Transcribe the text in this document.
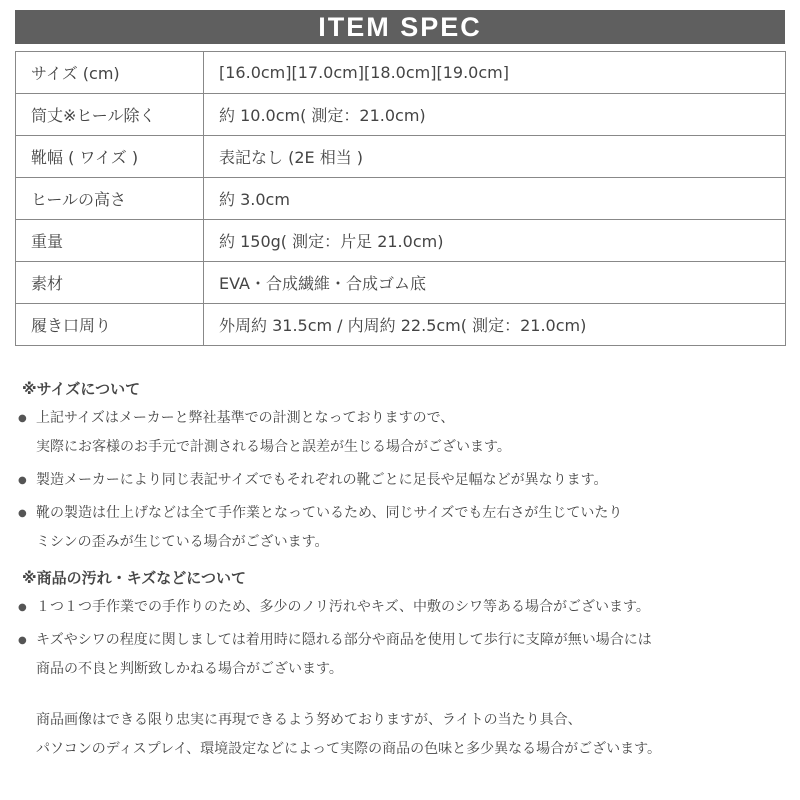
ITEM SPEC
サイズ (cm)	[16.0cm][17.0cm][18.0cm][19.0cm]
筒丈※ヒール除く	約 10.0cm( 測定：21.0cm)
靴幅 ( ワイズ )	表記なし (2E 相当 )
ヒールの高さ	約 3.0cm
重量	約 150g( 測定：片足 21.0cm)
素材	EVA・合成繊維・合成ゴム底
履き口周り	外周約 31.5cm / 内周約 22.5cm( 測定：21.0cm)
※サイズについて
● 上記サイズはメーカーと弊社基準での計測となっておりますので、
実際にお客様のお手元で計測される場合と誤差が生じる場合がございます。
● 製造メーカーにより同じ表記サイズでもそれぞれの靴ごとに足長や足幅などが異なります。
● 靴の製造は仕上げなどは全て手作業となっているため、同じサイズでも左右さが生じていたり
ミシンの歪みが生じている場合がございます。
※商品の汚れ・キズなどについて
● １つ１つ手作業での手作りのため、多少のノリ汚れやキズ、中敷のシワ等ある場合がございます。
● キズやシワの程度に関しましては着用時に隠れる部分や商品を使用して歩行に支障が無い場合には
商品の不良と判断致しかねる場合がございます。
商品画像はできる限り忠実に再現できるよう努めておりますが、ライトの当たり具合、
パソコンのディスプレイ、環境設定などによって実際の商品の色味と多少異なる場合がございます。
